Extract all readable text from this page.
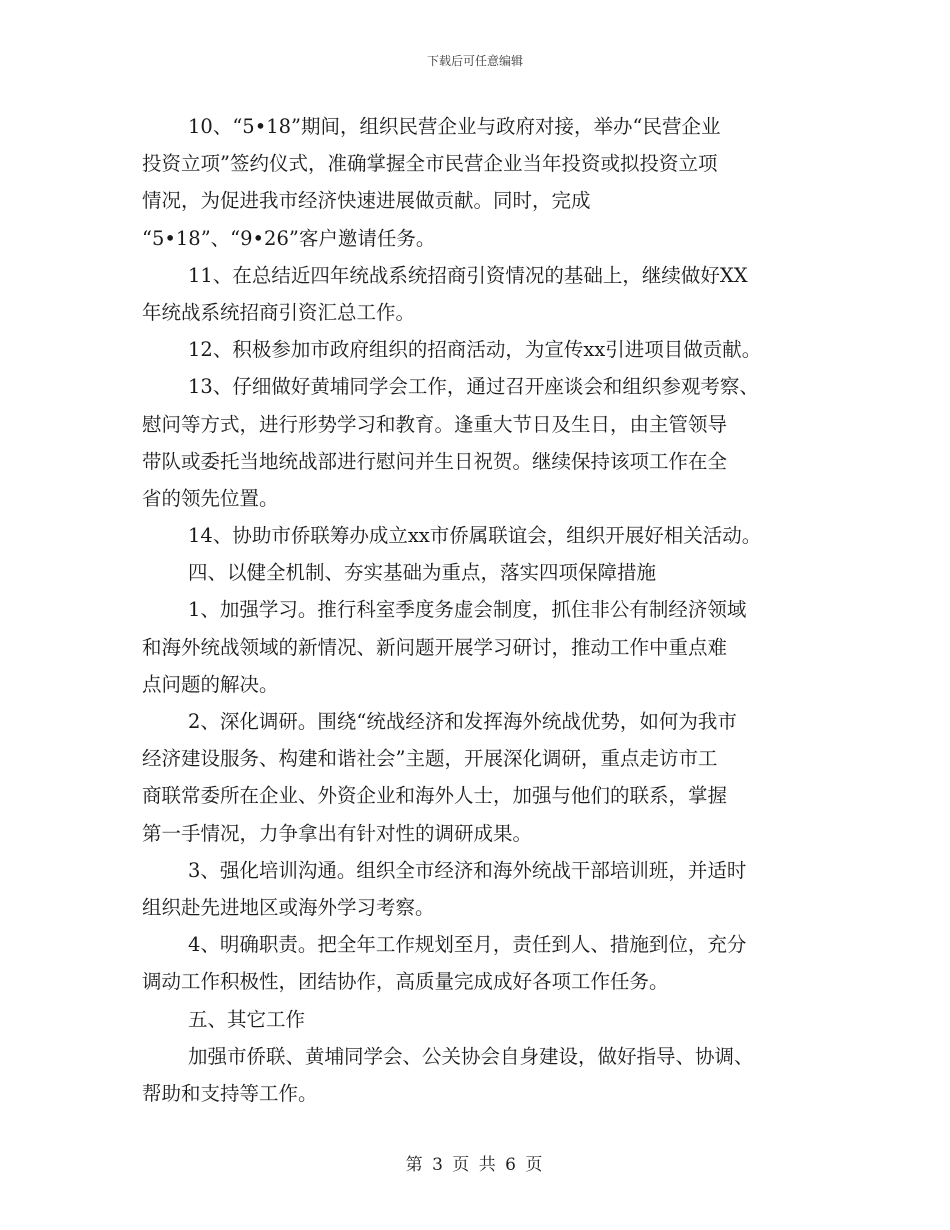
下载后可任意编辑
10、“5•18”期间，组织民营企业与政府对接，举办“民营企业
投资立项”签约仪式，准确掌握全市民营企业当年投资或拟投资立项
情况，为促进我市经济快速进展做贡献。同时，完成
“5•18”、“9•26”客户邀请任务。
11、在总结近四年统战系统招商引资情况的基础上，继续做好XX
年统战系统招商引资汇总工作。
12、积极参加市政府组织的招商活动，为宣传xx引进项目做贡献。
13、仔细做好黄埔同学会工作，通过召开座谈会和组织参观考察、
慰问等方式，进行形势学习和教育。逢重大节日及生日，由主管领导
带队或委托当地统战部进行慰问并生日祝贺。继续保持该项工作在全
省的领先位置。
14、协助市侨联筹办成立xx市侨属联谊会，组织开展好相关活动。
四、以健全机制、夯实基础为重点，落实四项保障措施
1、加强学习。推行科室季度务虚会制度，抓住非公有制经济领域
和海外统战领域的新情况、新问题开展学习研讨，推动工作中重点难
点问题的解决。
2、深化调研。围绕“统战经济和发挥海外统战优势，如何为我市
经济建设服务、构建和谐社会”主题，开展深化调研，重点走访市工
商联常委所在企业、外资企业和海外人士，加强与他们的联系，掌握
第一手情况，力争拿出有针对性的调研成果。
3、强化培训沟通。组织全市经济和海外统战干部培训班，并适时
组织赴先进地区或海外学习考察。
4、明确职责。把全年工作规划至月，责任到人、措施到位，充分
调动工作积极性，团结协作，高质量完成成好各项工作任务。
五、其它工作
加强市侨联、黄埔同学会、公关协会自身建设，做好指导、协调、
帮助和支持等工作。
第 3 页 共 6 页
